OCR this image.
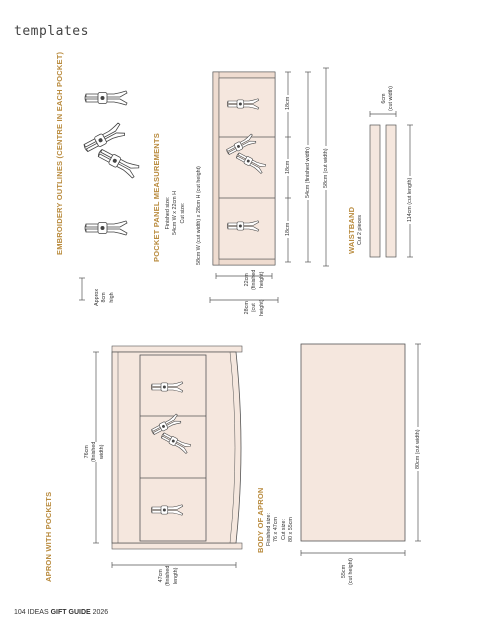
templates
EMBROIDERY OUTLINES (CENTRE IN EACH POCKET)
Approx 8cm high
POCKET PANEL MEASUREMENTS Finished size: 54cm W x 22cm H Cut size: 58cm W (cut width) x 28cm H (cut height)
18cm
18cm
18cm
54cm (finished width) 58cm (cut width)
22cm (finished height)
28cm (cut height)
WAISTBAND Cut 2 pieces
6cm (cut width)
114cm (cut length)
APRON WITH POCKETS
76cm (finished width)
47cm (finished length)
BODY OF APRON Finished size: 76 x 47cm Cut size: 80 x 55cm
80cm (cut width)
55cm (cut height)
104 IDEAS GIFT GUIDE 2026
